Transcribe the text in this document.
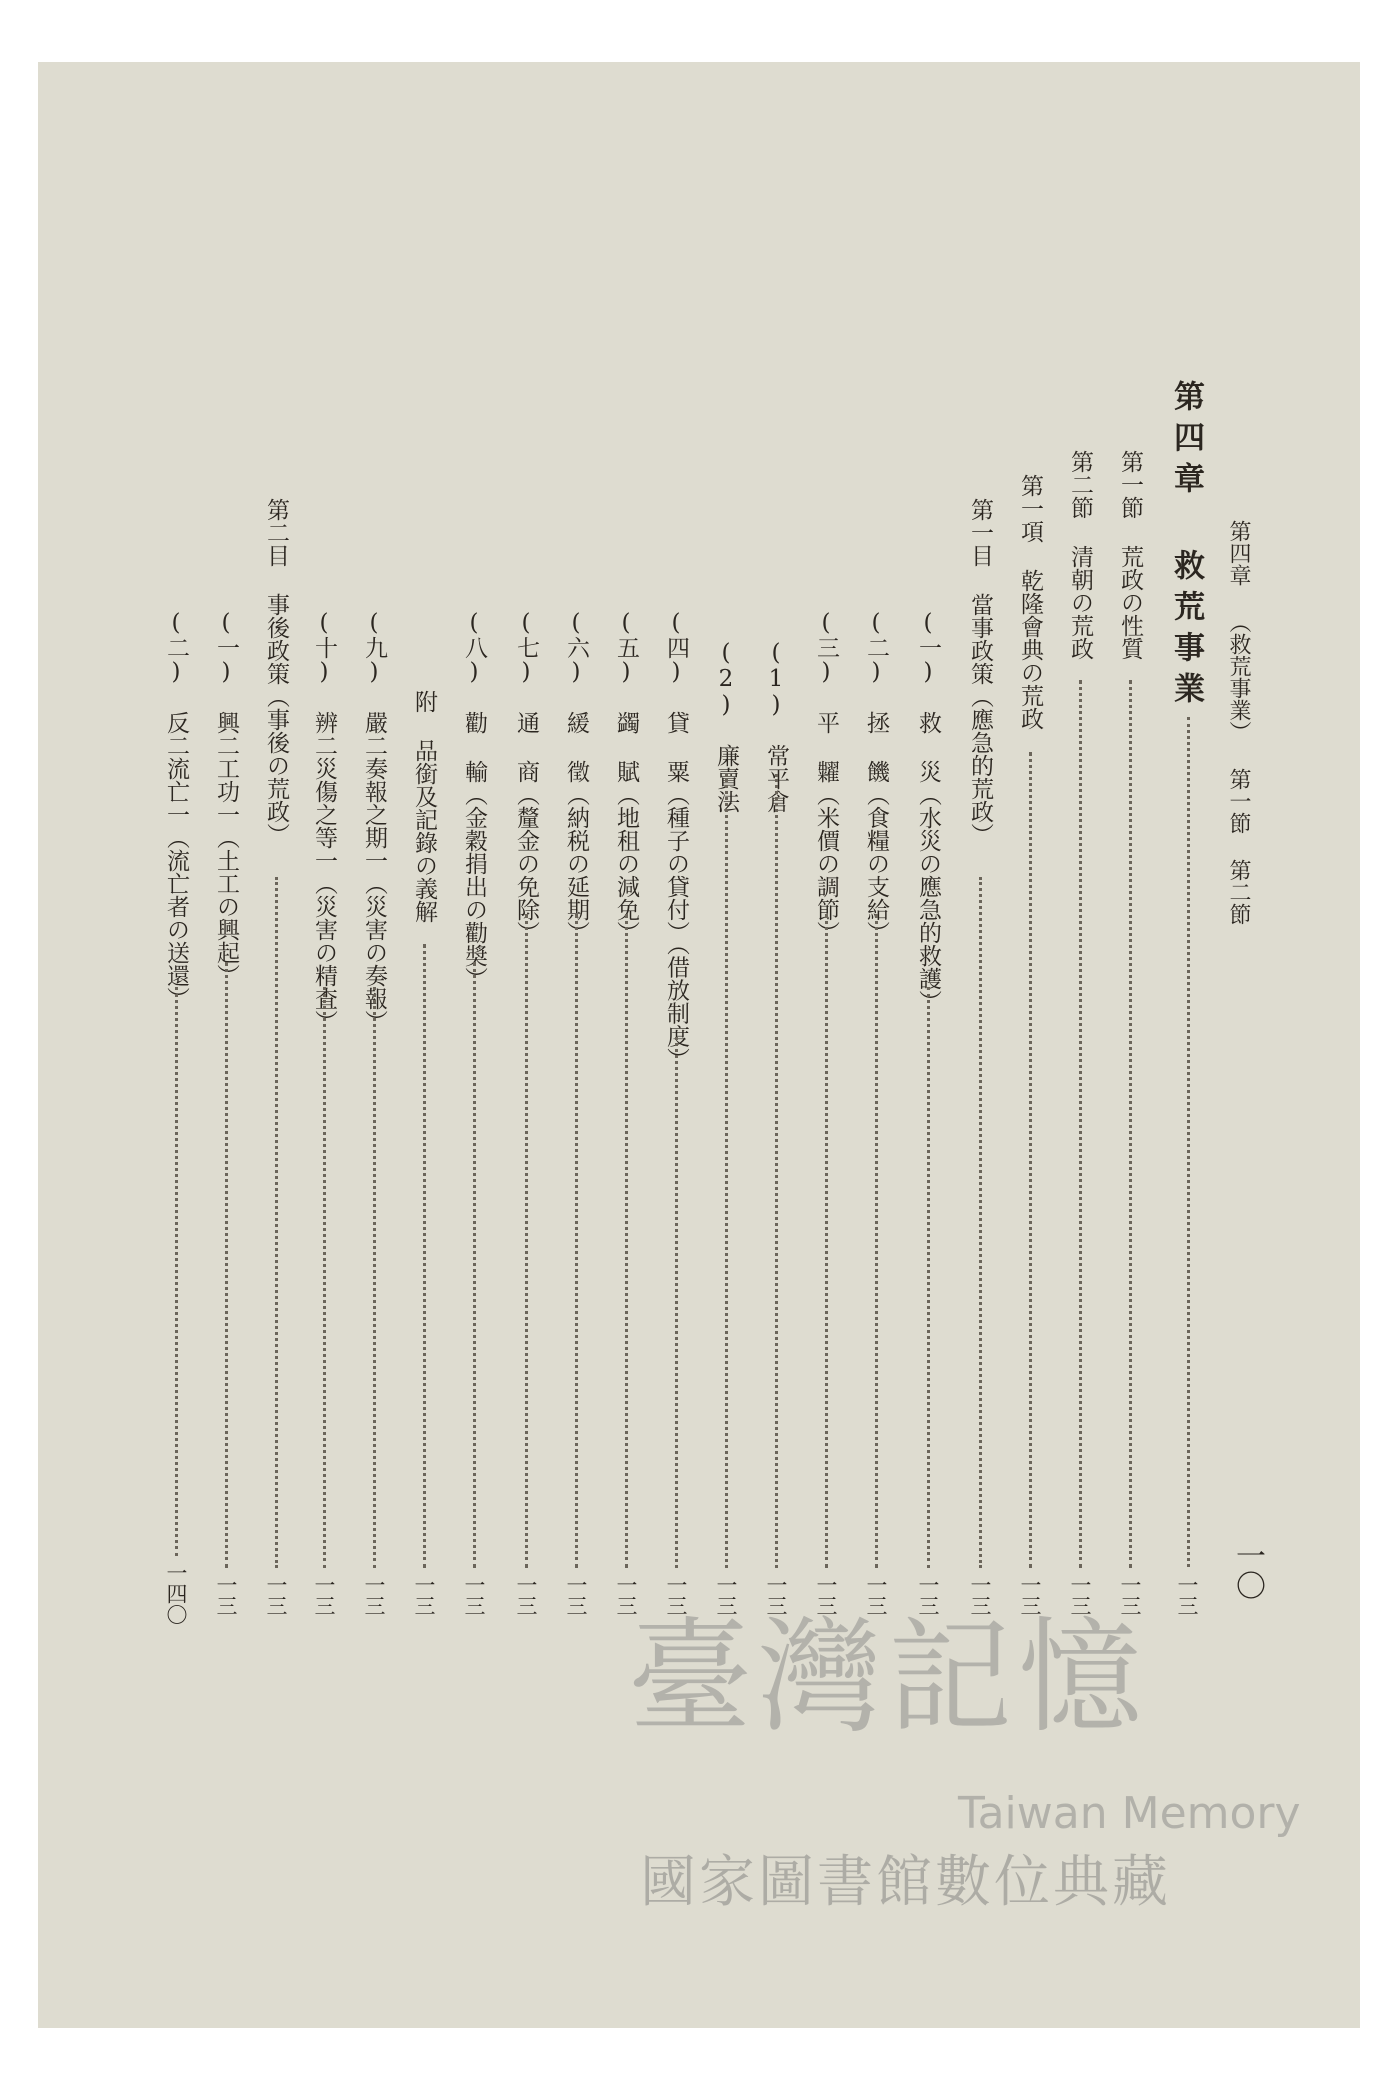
第四章 （救荒事業） 第一節 第二節
一〇
第四章 救荒事業
一三
第一節 荒政の性質
一三
第二節 清朝の荒政
一三
第一項 乾隆會典の荒政
一三
第一目 當事政策（應急的荒政）
一三
(一) 救 災（水災の應急的救護）
一三
(二) 拯 饑（食糧の支給）
一三
(三) 平 糶（米價の調節）
一三
(1) 常平倉
一三
(2) 廉賣法
一三
(四) 貸 粟（種子の貸付）（借放制度）
一三
(五) 蠲 賦（地租の減免）
一三
(六) 緩 徵（納税の延期）
一三
(七) 通 商（釐金の免除）
一三
(八) 勸 輸（金穀捐出の勸奬）
一三
附 品銜及記錄の義解
一三
(九) 嚴二奏報之期一（災害の奏報）
一三
(十) 辨二災傷之等一（災害の精査）
一三
第二目 事後政策（事後の荒政）
一三
(一) 興二工功一（土工の興起）
一三
(二) 反二流亡一（流亡者の送還）
一四〇
臺灣記憶
Taiwan Memory
國家圖書館數位典藏
